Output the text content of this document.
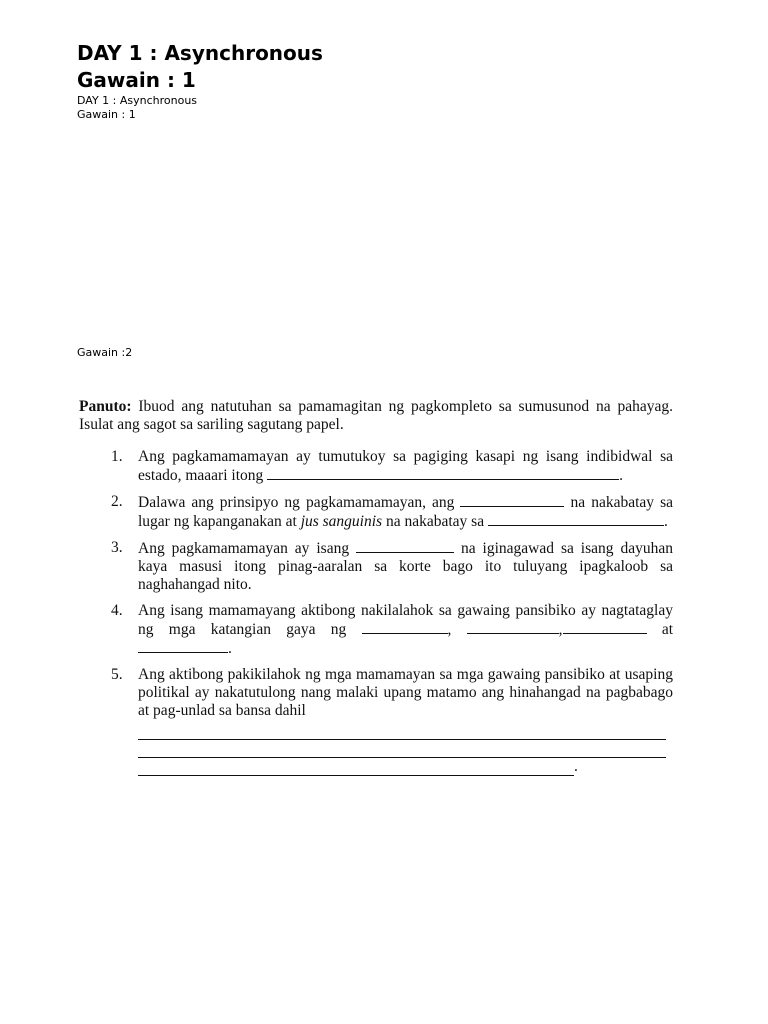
DAY 1 : Asynchronous
Gawain : 1

DAY 1 : Asynchronous

Gawain : 1

Gawain :2

Panuto: Ibuod ang natutuhan sa pamamagitan ng pagkompleto sa sumusunod na pahayag. Isulat ang sagot sa sariling sagutang papel.

1. Ang pagkamamamayan ay tumutukoy sa pagiging kasapi ng isang indibidwal sa estado, maaari itong	.
2. Dalawa ang prinsipyo ng pagkamamamayan, ang	na nakabatay sa lugar ng kapanganakan at jus sanguinis na nakabatay sa	.
3. Ang pagkamamamayan ay isang	na iginagawad sa isang dayuhan kaya masusi itong pinag-aaralan sa korte bago ito tuluyang ipagkaloob sa naghahangad nito.
4. Ang isang mamamayang aktibong nakilalahok sa gawaing pansibiko ay nagtataglay ng mga katangian gaya ng	,	,	at .
5. Ang aktibong pakikilahok ng mga mamamayan sa mga gawaing pansibiko at usaping politikal ay nakatutulong nang malaki upang matamo ang hinahangad na pagbabago at pag-unlad sa bansa dahil
.
